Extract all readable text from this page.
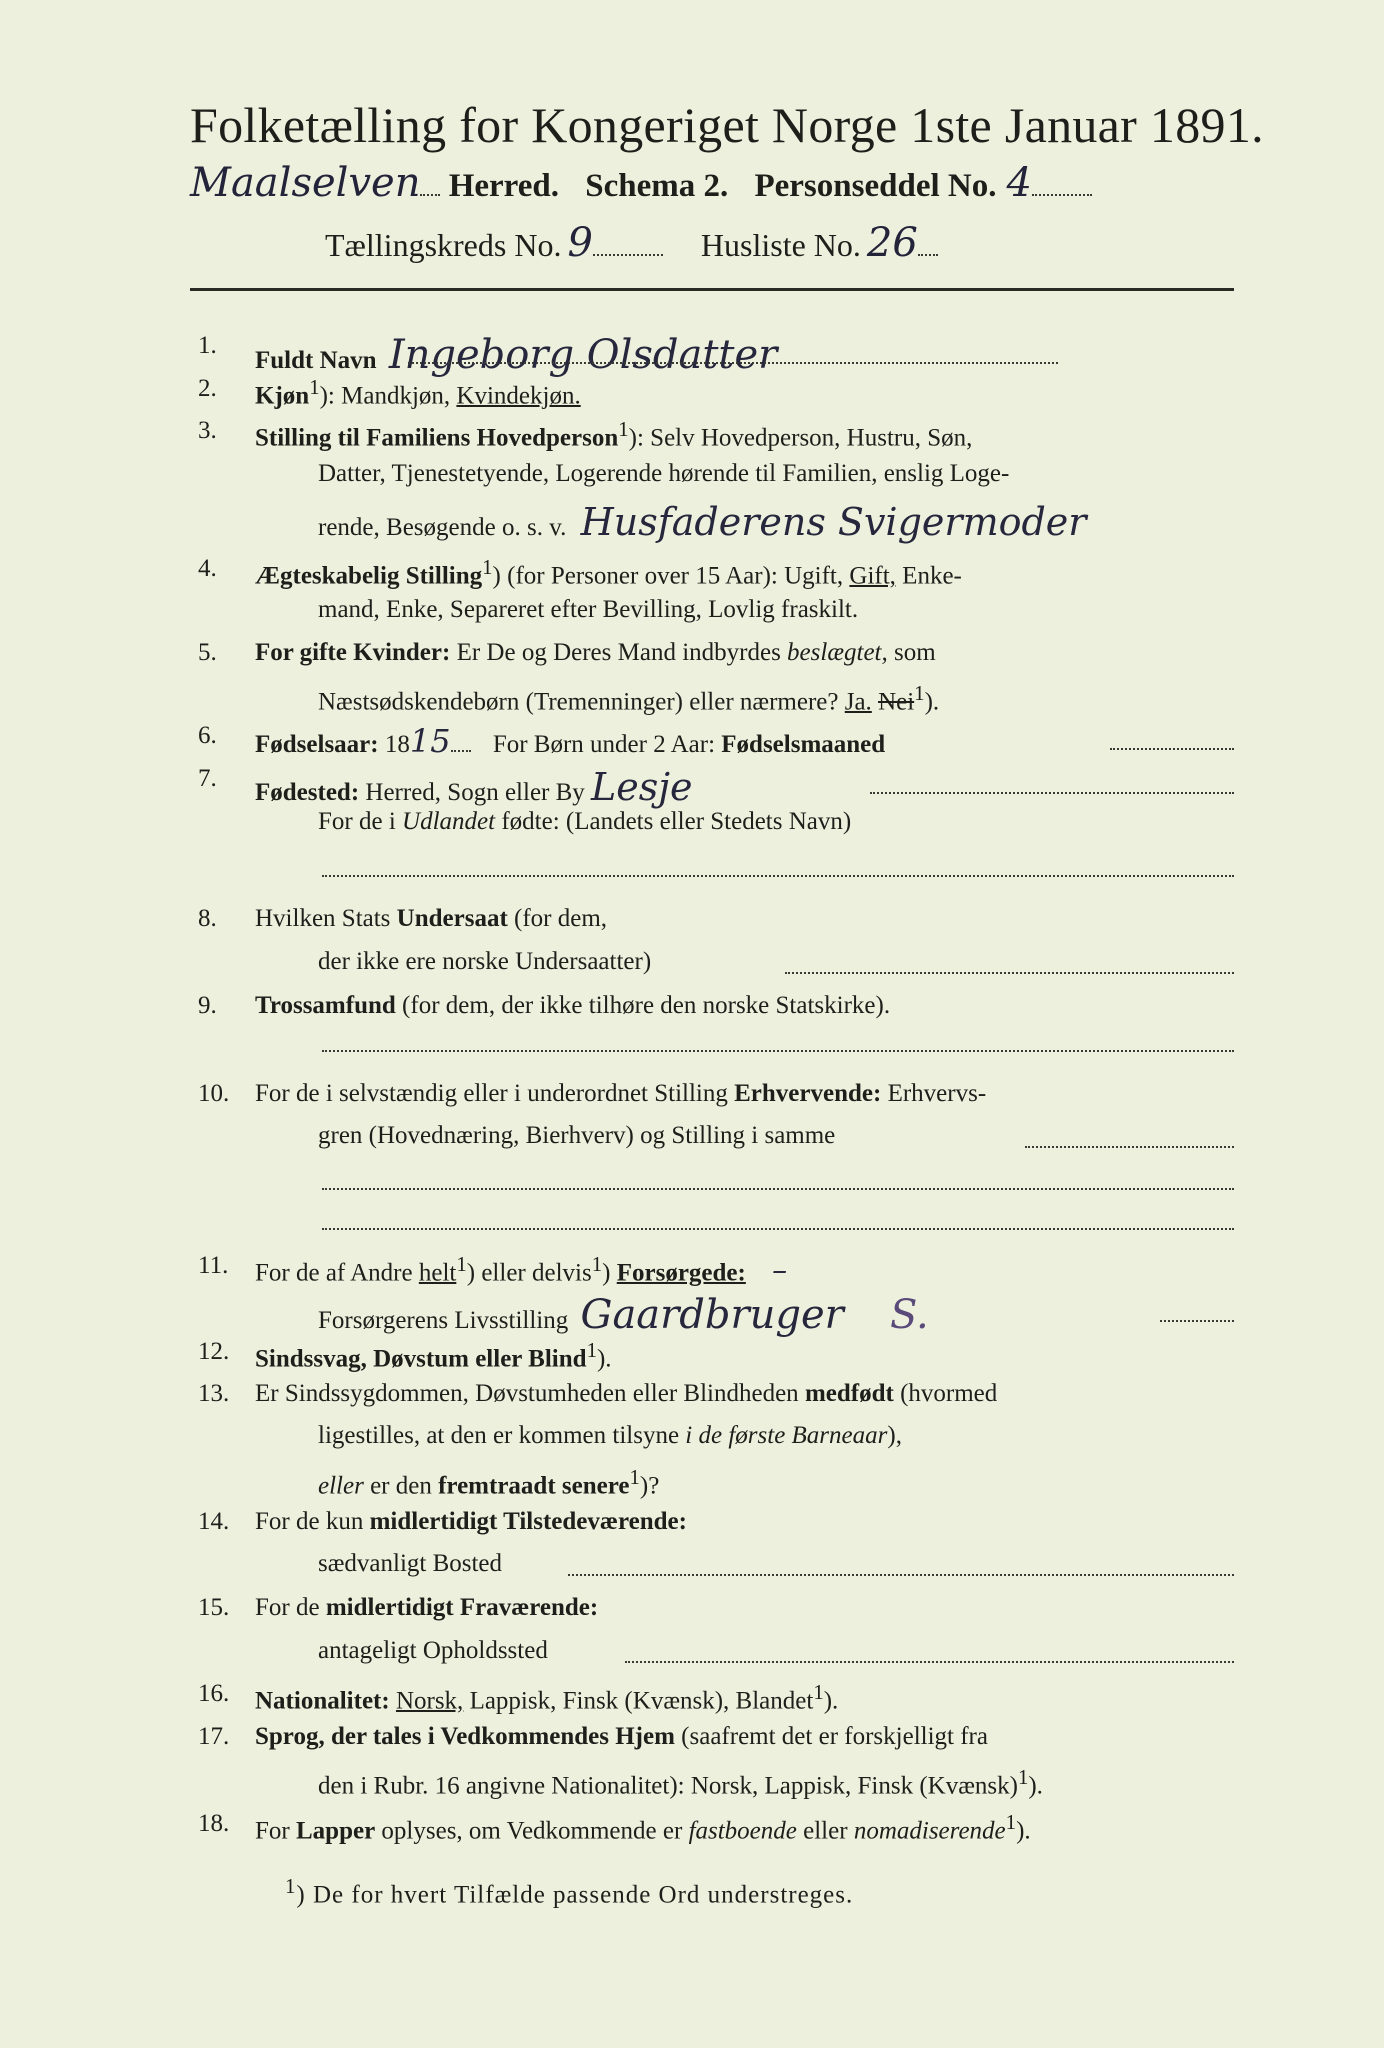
Folketælling for Kongeriget Norge 1ste Januar 1891.
Maalselven Herred. Schema 2. Personseddel No. 4
Tællingskreds No. 9	Husliste No. 26
1.
Fuldt Navn Ingeborg Olsdatter
2.	Kjøn$^1$): Mandkjøn, Kvindekjøn.
3.	Stilling til Familiens Hovedperson$^1$): Selv Hovedperson, Hustru, Søn,
Datter, Tjenestetyende, Logerende hørende til Familien, enslig Loge-
rende, Besøgende o. s. v. Husfaderens Svigermoder
4.	Ægteskabelig Stilling$^1$) (for Personer over 15 Aar): Ugift, Gift, Enke-
mand, Enke, Separeret efter Bevilling, Lovlig fraskilt.
5.	For gifte Kvinder: Er De og Deres Mand indbyrdes beslægtet, som
Næstsødskendebørn (Tremenninger) eller nærmere? Ja. Nei$^1$).
6.	Fødselsaar: 1815 For Børn under 2 Aar: Fødselsmaaned
7.
Fødested: Herred, Sogn eller By Lesje
For de i Udlandet fødte: (Landets eller Stedets Navn)
8.	Hvilken Stats Undersaat (for dem,
der ikke ere norske Undersaatter)
9.	Trossamfund (for dem, der ikke tilhøre den norske Statskirke).
10.	For de i selvstændig eller i underordnet Stilling Erhvervende: Erhvervs-
gren (Hovednæring, Bierhverv) og Stilling i samme
11.	For de af Andre helt$^1$) eller delvis$^1$) Forsørgede: –
Forsørgerens Livsstilling Gaardbruger S.
12.	Sindssvag, Døvstum eller Blind$^1$).
13.	Er Sindssygdommen, Døvstumheden eller Blindheden medfødt (hvormed
ligestilles, at den er kommen tilsyne i de første Barneaar),
eller er den fremtraadt senere$^1$)?
14.	For de kun midlertidigt Tilstedeværende:
sædvanligt Bosted
15.	For de midlertidigt Fraværende:
antageligt Opholdssted
16.	Nationalitet: Norsk, Lappisk, Finsk (Kvænsk), Blandet$^1$).
17.	Sprog, der tales i Vedkommendes Hjem (saafremt det er forskjelligt fra
den i Rubr. 16 angivne Nationalitet): Norsk, Lappisk, Finsk (Kvænsk)$^1$).
18.	For Lapper oplyses, om Vedkommende er fastboende eller nomadiserende$^1$).
$^1$) De for hvert Tilfælde passende Ord understreges.
